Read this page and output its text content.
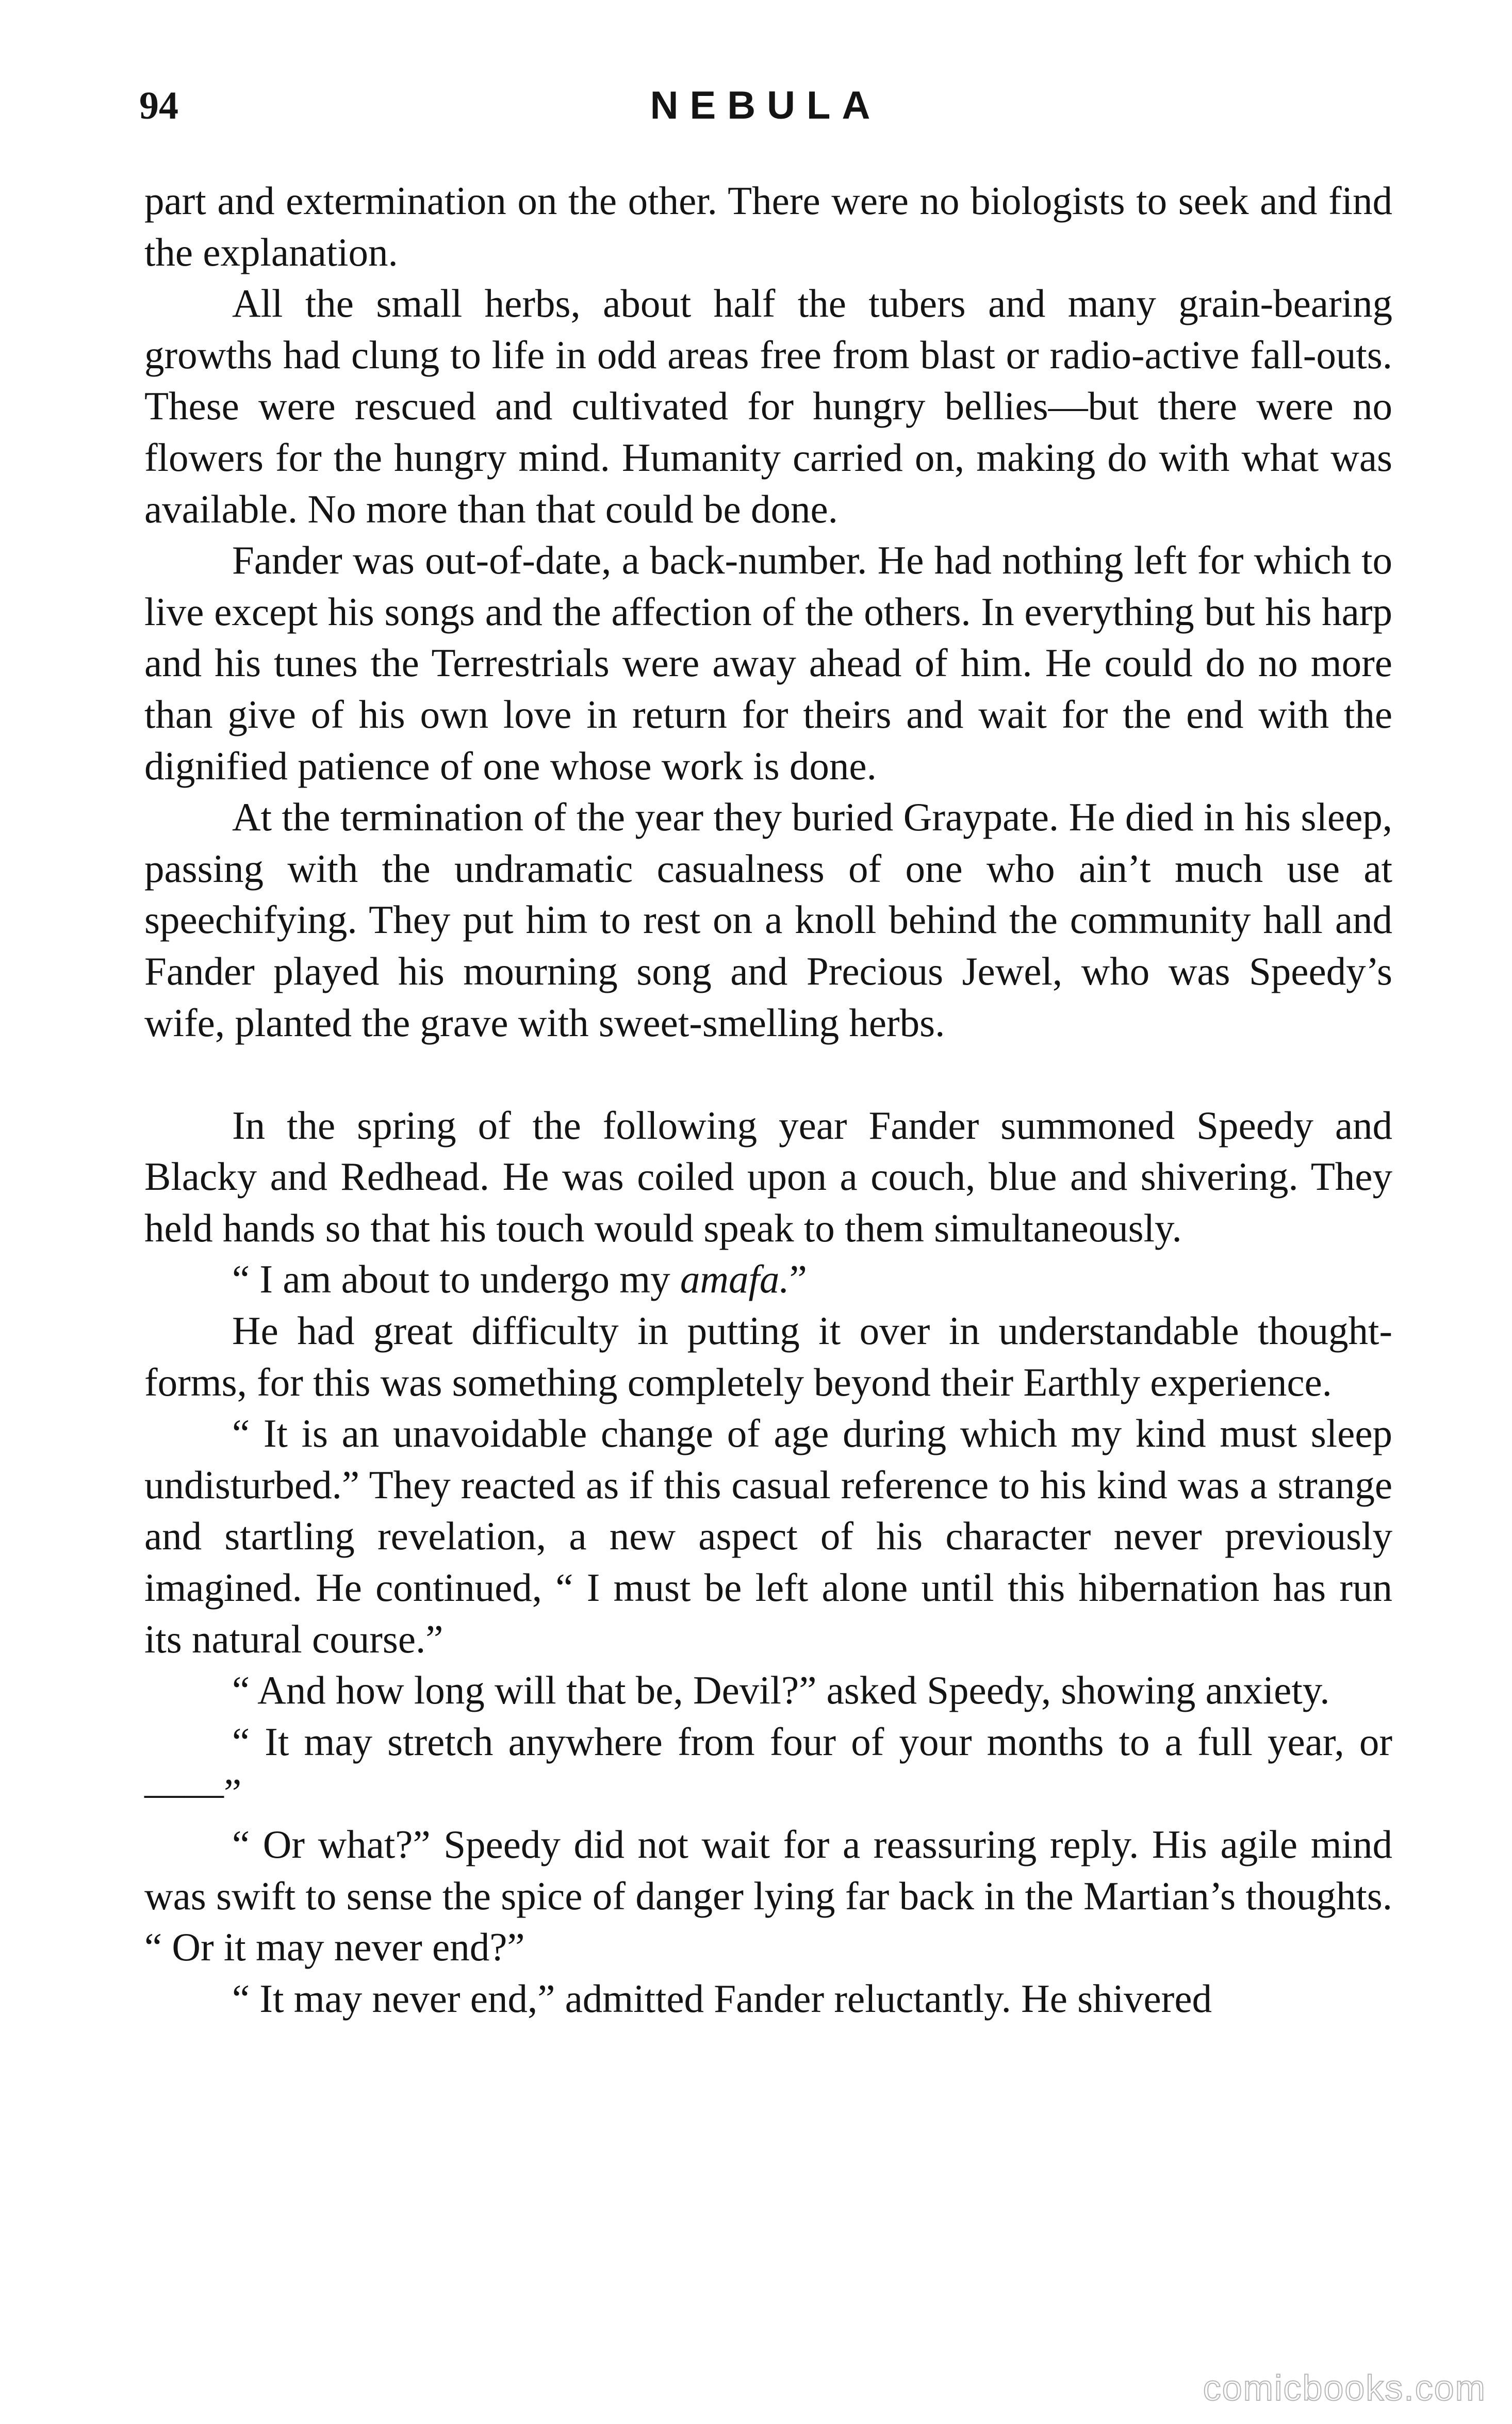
94	NEBULA

part and extermination on the other. There were no biologists to seek and find the explanation.

All the small herbs, about half the tubers and many grain-bearing growths had clung to life in odd areas free from blast or radio-active fall-outs. These were rescued and cultivated for hungry bellies—but there were no flowers for the hungry mind. Humanity carried on, making do with what was available. No more than that could be done.

Fander was out-of-date, a back-number. He had nothing left for which to live except his songs and the affection of the others. In everything but his harp and his tunes the Terrestrials were away ahead of him. He could do no more than give of his own love in return for theirs and wait for the end with the dignified patience of one whose work is done.

At the termination of the year they buried Graypate. He died in his sleep, passing with the undramatic casualness of one who ain’t much use at speechifying. They put him to rest on a knoll behind the community hall and Fander played his mourning song and Precious Jewel, who was Speedy’s wife, planted the grave with sweet-smelling herbs.

In the spring of the following year Fander summoned Speedy and Blacky and Redhead. He was coiled upon a couch, blue and shivering. They held hands so that his touch would speak to them simultaneously.

“ I am about to undergo my amafa.”

He had great difficulty in putting it over in understandable thought-forms, for this was something completely beyond their Earthly experience.

“ It is an unavoidable change of age during which my kind must sleep undisturbed.” They reacted as if this casual reference to his kind was a strange and startling revelation, a new aspect of his character never previously imagined. He continued, “ I must be left alone until this hibernation has run its natural course.”

“ And how long will that be, Devil?” asked Speedy, showing anxiety.

“ It may stretch anywhere from four of your months to a full year, or——”

“ Or what?” Speedy did not wait for a reassuring reply. His agile mind was swift to sense the spice of danger lying far back in the Martian’s thoughts. “ Or it may never end?”

“ It may never end,” admitted Fander reluctantly. He shivered

comicbooks.com
